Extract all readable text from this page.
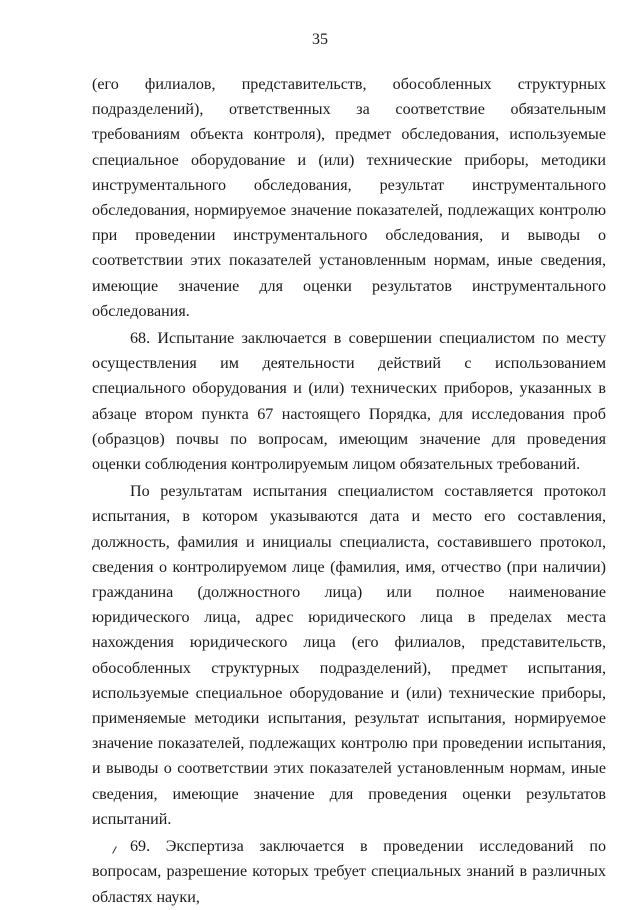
35

(его филиалов, представительств, обособленных структурных подразделений), ответственных за соответствие обязательным требованиям объекта контроля), предмет обследования, используемые специальное оборудование и (или) технические приборы, методики инструментального обследования, результат инструментального обследования, нормируемое значение показателей, подлежащих контролю при проведении инструментального обследования, и выводы о соответствии этих показателей установленным нормам, иные сведения, имеющие значение для оценки результатов инструментального обследования.

68. Испытание заключается в совершении специалистом по месту осуществления им деятельности действий с использованием специального оборудования и (или) технических приборов, указанных в абзаце втором пункта 67 настоящего Порядка, для исследования проб (образцов) почвы по вопросам, имеющим значение для проведения оценки соблюдения контролируемым лицом обязательных требований.

По результатам испытания специалистом составляется протокол испытания, в котором указываются дата и место его составления, должность, фамилия и инициалы специалиста, составившего протокол, сведения о контролируемом лице (фамилия, имя, отчество (при наличии) гражданина (должностного лица) или полное наименование юридического лица, адрес юридического лица в пределах места нахождения юридического лица (его филиалов, представительств, обособленных структурных подразделений), предмет испытания, используемые специальное оборудование и (или) технические приборы, применяемые методики испытания, результат испытания, нормируемое значение показателей, подлежащих контролю при проведении испытания, и выводы о соответствии этих показателей установленным нормам, иные сведения, имеющие значение для проведения оценки результатов испытаний.

69. Экспертиза заключается в проведении исследований по вопросам, разрешение которых требует специальных знаний в различных областях науки,
